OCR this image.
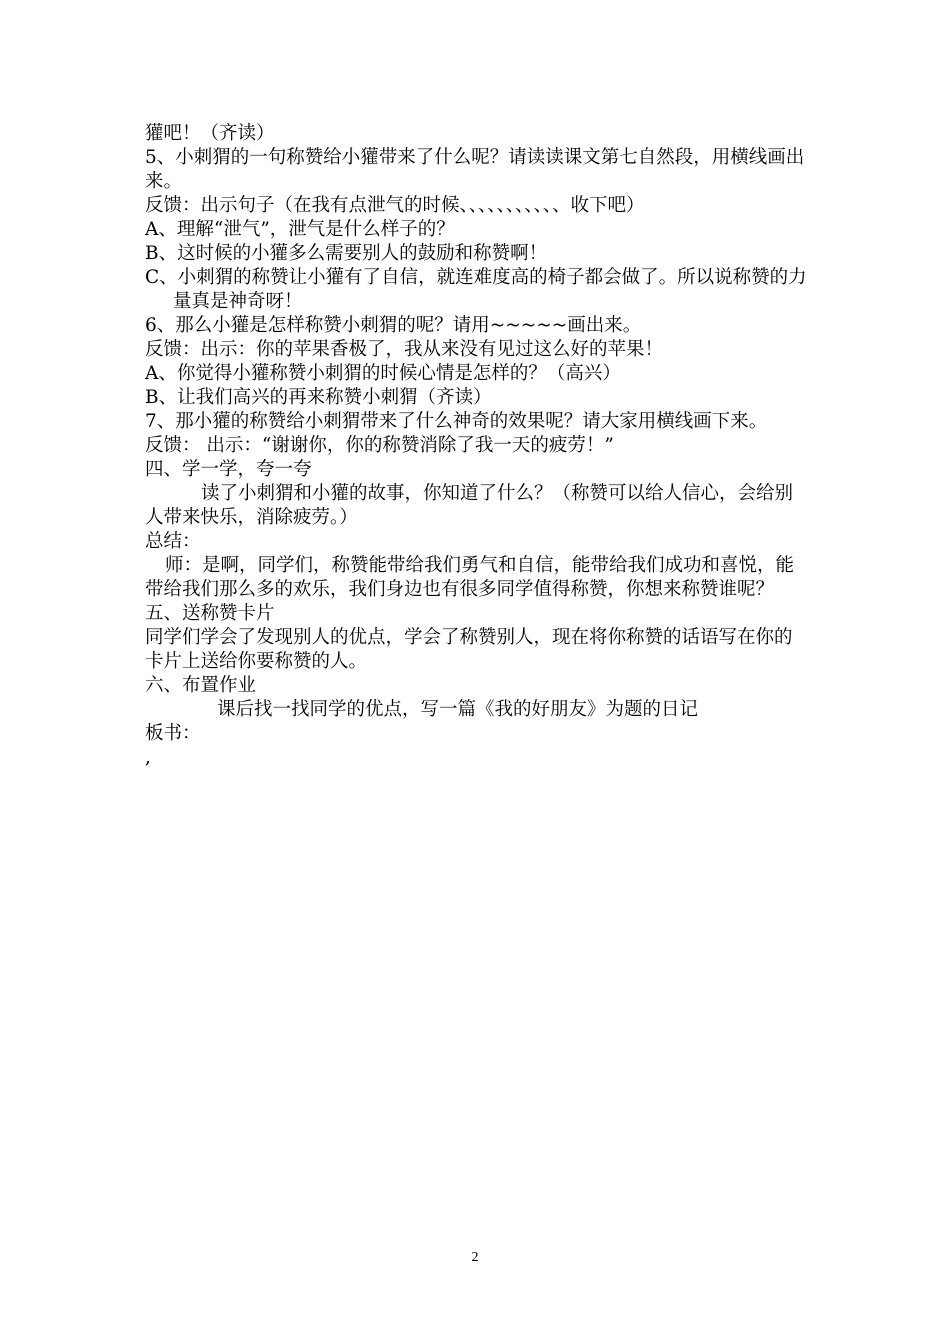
獾吧！（齐读）

5、小刺猬的一句称赞给小獾带来了什么呢？请读读课文第七自然段，用横线画出来。

反馈：出示句子（在我有点泄气的时候、、、、、、、、、、、收下吧）

A、理解“泄气”，泄气是什么样子的？

B、这时候的小獾多么需要别人的鼓励和称赞啊！

C、小刺猬的称赞让小獾有了自信，就连难度高的椅子都会做了。所以说称赞的力量真是神奇呀！

6、那么小獾是怎样称赞小刺猬的呢？请用~~~~~画出来。

反馈：出示：你的苹果香极了，我从来没有见过这么好的苹果！

A、你觉得小獾称赞小刺猬的时候心情是怎样的？（高兴）

B、让我们高兴的再来称赞小刺猬（齐读）

7、那小獾的称赞给小刺猬带来了什么神奇的效果呢？请大家用横线画下来。

反馈： 出示：“谢谢你，你的称赞消除了我一天的疲劳！”

四、学一学，夸一夸

读了小刺猬和小獾的故事，你知道了什么？（称赞可以给人信心，会给别人带来快乐，消除疲劳。）

总结：

师：是啊，同学们，称赞能带给我们勇气和自信，能带给我们成功和喜悦，能带给我们那么多的欢乐，我们身边也有很多同学值得称赞，你想来称赞谁呢？

五、送称赞卡片

同学们学会了发现别人的优点，学会了称赞别人，现在将你称赞的话语写在你的卡片上送给你要称赞的人。

六、布置作业

课后找一找同学的优点，写一篇《我的好朋友》为题的日记

板书：

,

2
